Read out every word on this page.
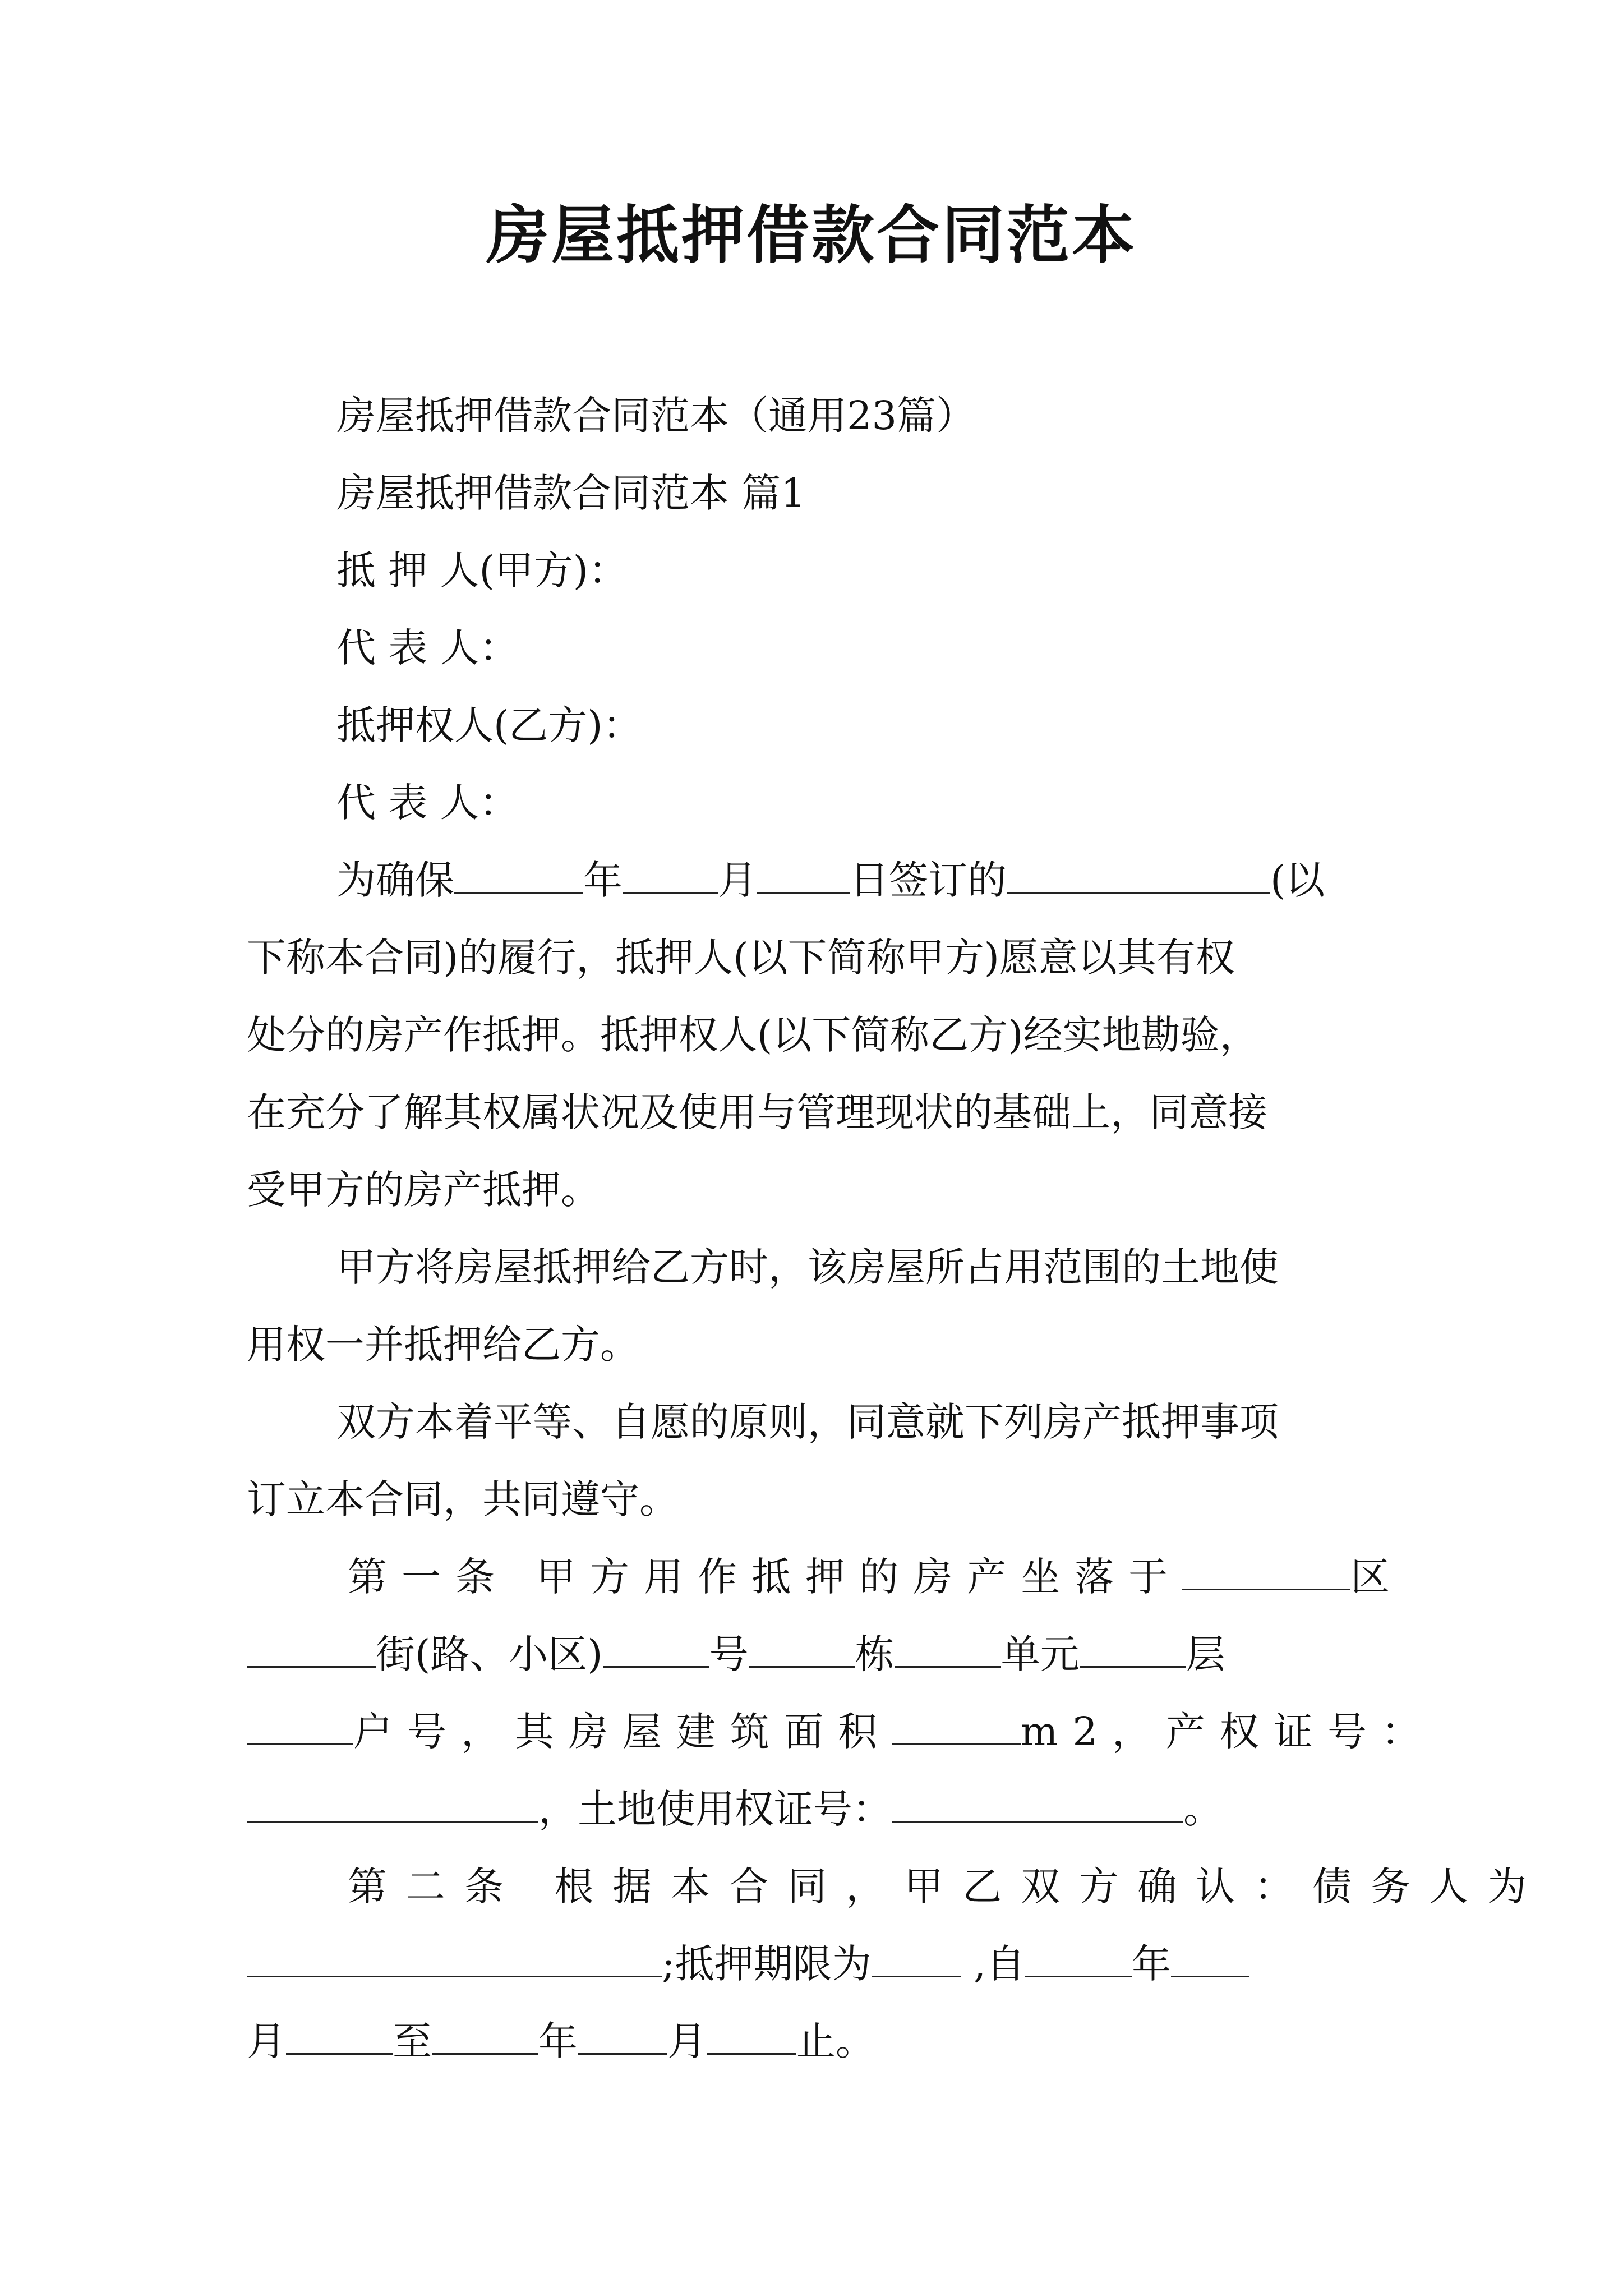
房屋抵押借款合同范本
房屋抵押借款合同范本（通用23篇）
房屋抵押借款合同范本 篇1
抵 押 人(甲方)：
代 表 人：
抵押权人(乙方)：
代 表 人：
为确保	年 月 日签订的	(以
下称本合同)的履行，抵押人(以下简称甲方)愿意以其有权
处分的房产作抵押。抵押权人(以下简称乙方)经实地勘验，
在充分了解其权属状况及使用与管理现状的基础上，同意接
受甲方的房产抵押。
甲方将房屋抵押给乙方时，该房屋所占用范围的土地使
用权一并抵押给乙方。
双方本着平等、自愿的原则，同意就下列房产抵押事项
订立本合同，共同遵守。
第一条 甲方用作抵押的房产坐落于	区
街(路、小区)	号	栋	单元	层
户号，其房屋建筑面积	m2，产权证号：
，土地使用权证号：	。
第二条 根据本合同，甲乙双方确认：债务人为
;抵押期限为 ,自	年
月	至	年 月 止。
